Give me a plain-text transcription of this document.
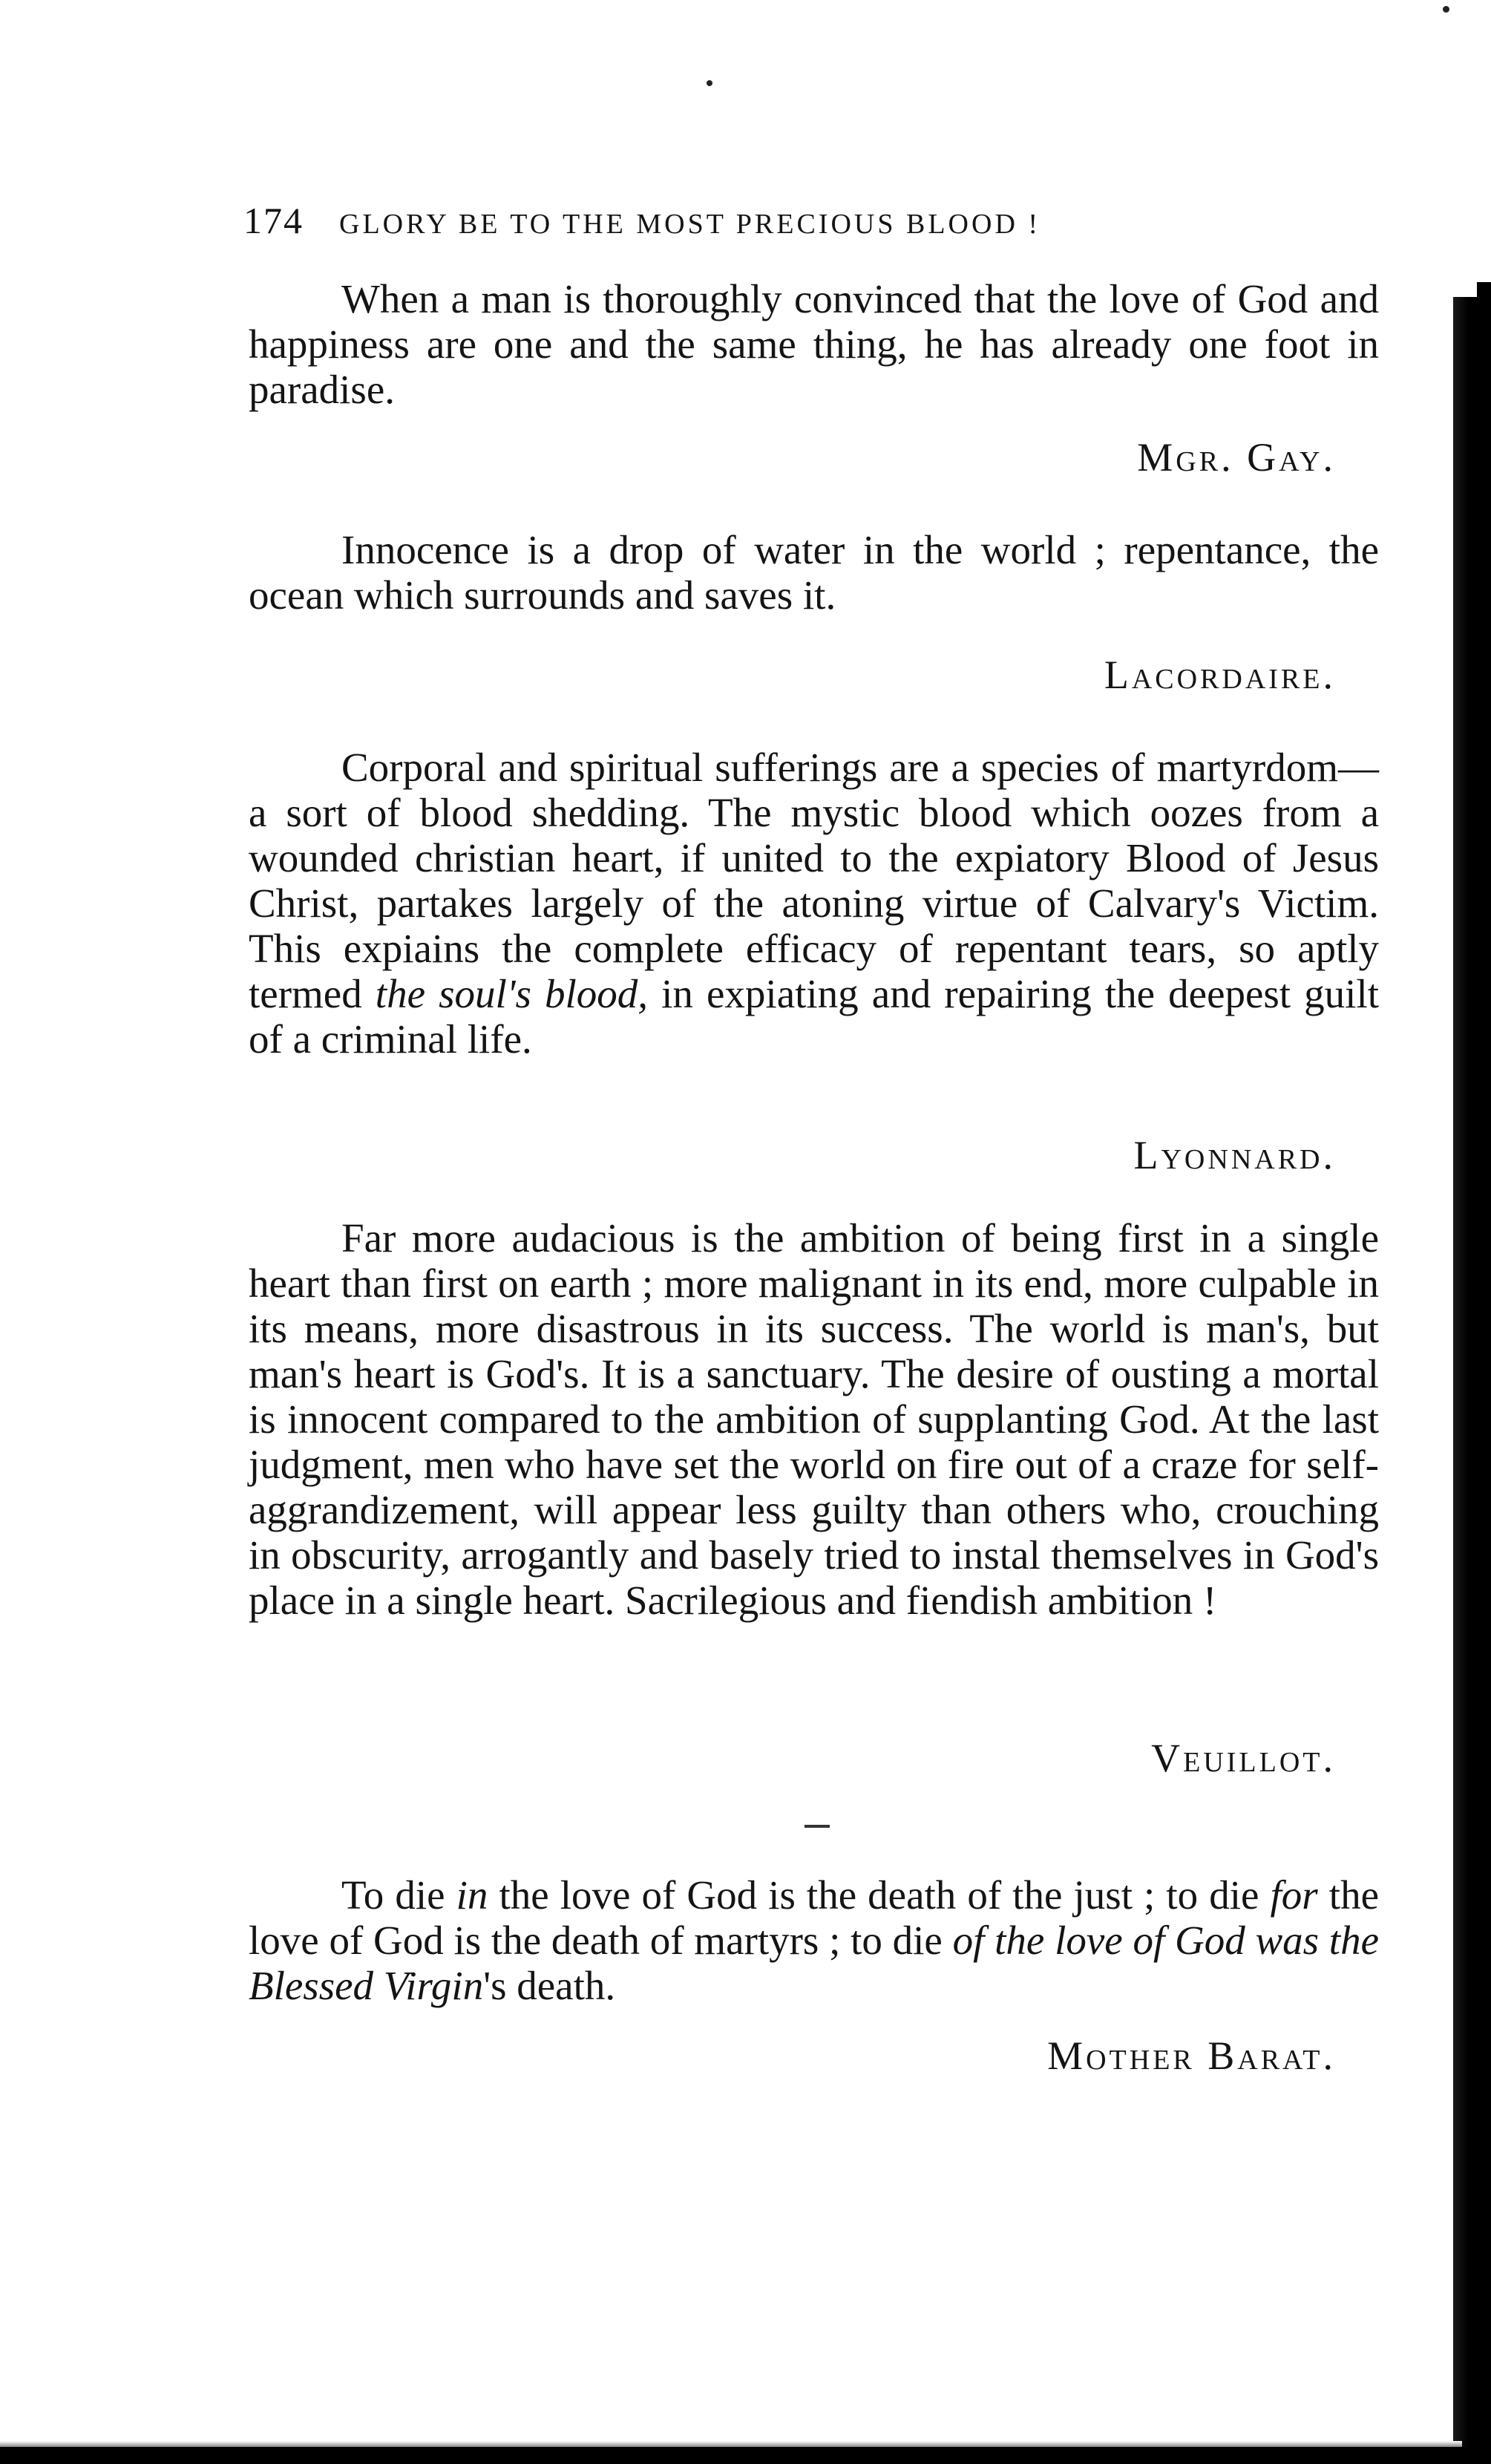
174 GLORY BE TO THE MOST PRECIOUS BLOOD !

When a man is thoroughly convinced that the love of God and happiness are one and the same thing, he has already one foot in paradise.

Mgr. Gay.

Innocence is a drop of water in the world ; repentance, the ocean which surrounds and saves it.

Lacordaire.

Corporal and spiritual sufferings are a species of martyrdom—a sort of blood shedding. The mystic blood which oozes from a wounded christian heart, if united to the expiatory Blood of Jesus Christ, partakes largely of the atoning virtue of Calvary's Victim. This expiains the complete efficacy of repentant tears, so aptly termed the soul's blood, in expiating and repairing the deepest guilt of a criminal life.

Lyonnard.

Far more audacious is the ambition of being first in a single heart than first on earth ; more malignant in its end, more culpable in its means, more disastrous in its success. The world is man's, but man's heart is God's. It is a sanctuary. The desire of ousting a mortal is innocent compared to the ambition of supplanting God. At the last judgment, men who have set the world on fire out of a craze for self-aggrandizement, will appear less guilty than others who, crouching in obscurity, arrogantly and basely tried to instal themselves in God's place in a single heart. Sacrilegious and fiendish ambition !

Veuillot.

To die in the love of God is the death of the just ; to die for the love of God is the death of martyrs ; to die of the love of God was the Blessed Virgin's death.

Mother Barat.
